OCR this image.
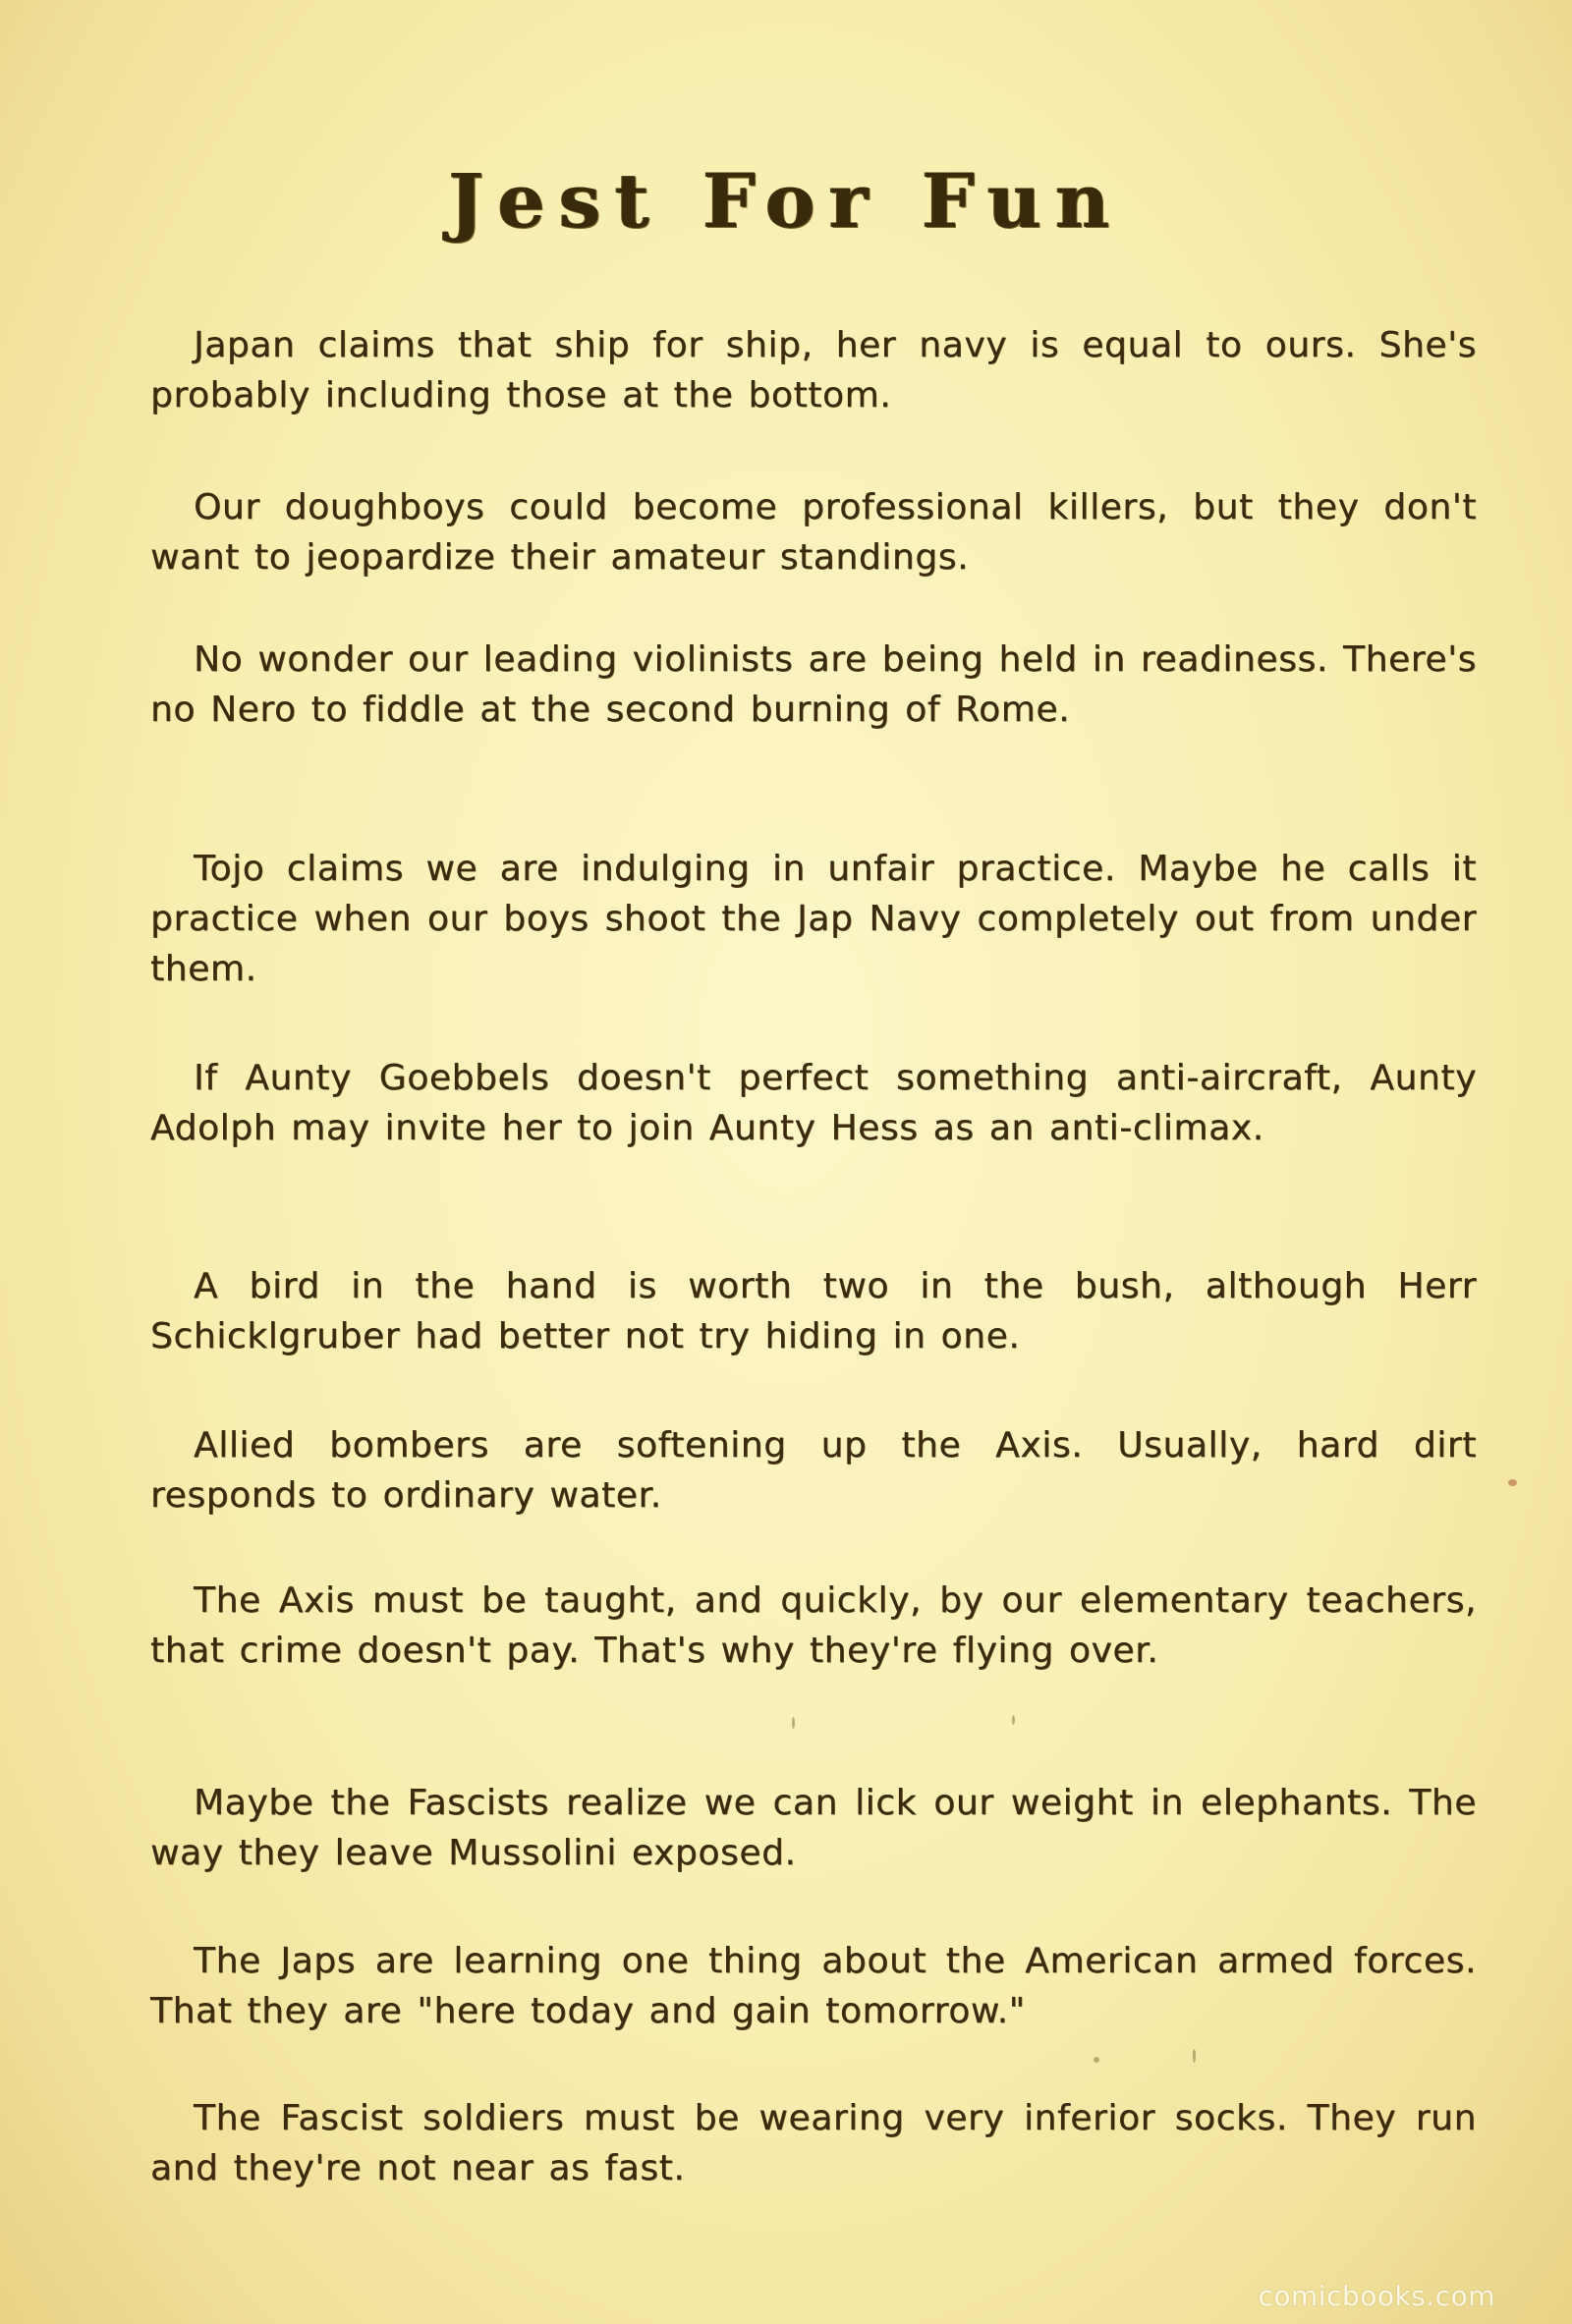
Jest For Fun

Japan claims that ship for ship, her navy is equal to ours. She's probably including those at the bottom.

Our doughboys could become professional killers, but they don't want to jeopardize their amateur standings.

No wonder our leading violinists are being held in readiness. There's no Nero to fiddle at the second burning of Rome.

Tojo claims we are indulging in unfair practice. Maybe he calls it practice when our boys shoot the Jap Navy completely out from under them.

If Aunty Goebbels doesn't perfect something anti-aircraft, Aunty Adolph may invite her to join Aunty Hess as an anti-climax.

A bird in the hand is worth two in the bush, although Herr Schicklgruber had better not try hiding in one.

Allied bombers are softening up the Axis. Usually, hard dirt responds to ordinary water.

The Axis must be taught, and quickly, by our elementary teachers, that crime doesn't pay. That's why they're flying over.

Maybe the Fascists realize we can lick our weight in elephants. The way they leave Mussolini exposed.

The Japs are learning one thing about the American armed forces. That they are "here today and gain tomorrow."

The Fascist soldiers must be wearing very inferior socks. They run and they're not near as fast.

comicbooks.com
